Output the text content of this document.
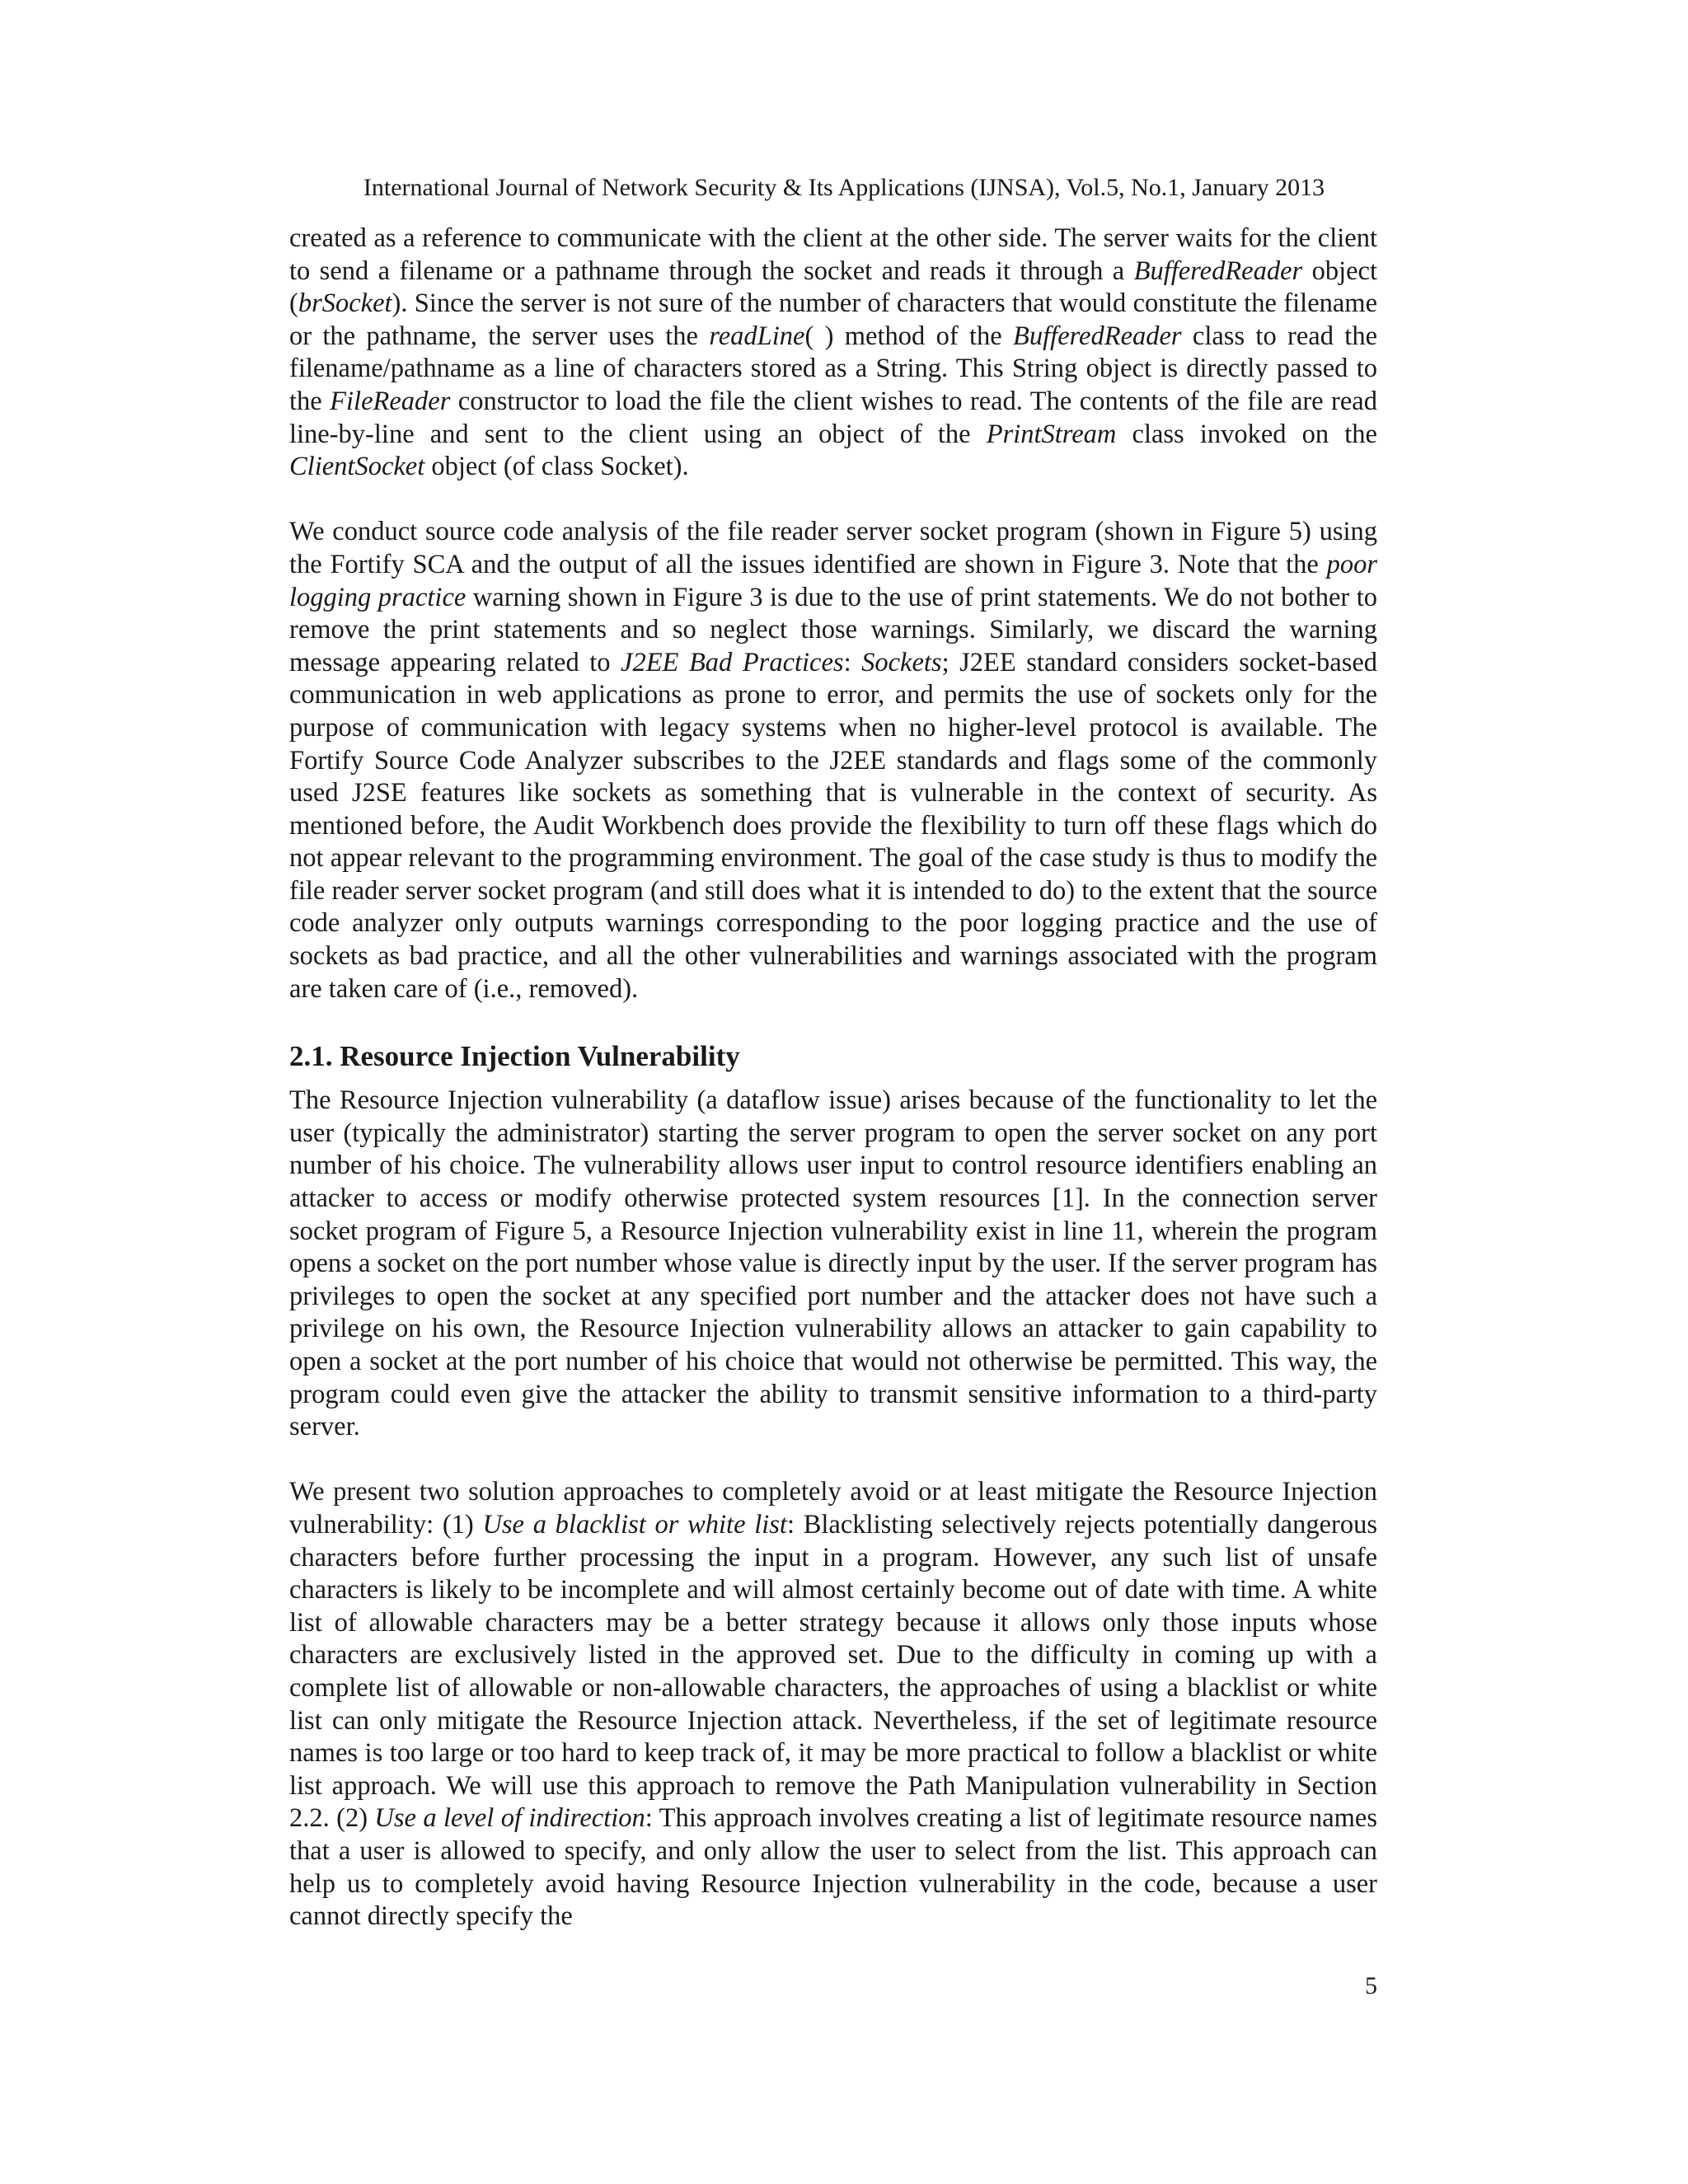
International Journal of Network Security & Its Applications (IJNSA), Vol.5, No.1, January 2013

created as a reference to communicate with the client at the other side. The server waits for the client to send a filename or a pathname through the socket and reads it through a BufferedReader object (brSocket). Since the server is not sure of the number of characters that would constitute the filename or the pathname, the server uses the readLine( ) method of the BufferedReader class to read the filename/pathname as a line of characters stored as a String. This String object is directly passed to the FileReader constructor to load the file the client wishes to read. The contents of the file are read line-by-line and sent to the client using an object of the PrintStream class invoked on the ClientSocket object (of class Socket).

We conduct source code analysis of the file reader server socket program (shown in Figure 5) using the Fortify SCA and the output of all the issues identified are shown in Figure 3. Note that the poor logging practice warning shown in Figure 3 is due to the use of print statements. We do not bother to remove the print statements and so neglect those warnings. Similarly, we discard the warning message appearing related to J2EE Bad Practices: Sockets; J2EE standard considers socket-based communication in web applications as prone to error, and permits the use of sockets only for the purpose of communication with legacy systems when no higher-level protocol is available. The Fortify Source Code Analyzer subscribes to the J2EE standards and flags some of the commonly used J2SE features like sockets as something that is vulnerable in the context of security. As mentioned before, the Audit Workbench does provide the flexibility to turn off these flags which do not appear relevant to the programming environment. The goal of the case study is thus to modify the file reader server socket program (and still does what it is intended to do) to the extent that the source code analyzer only outputs warnings corresponding to the poor logging practice and the use of sockets as bad practice, and all the other vulnerabilities and warnings associated with the program are taken care of (i.e., removed).

2.1. Resource Injection Vulnerability

The Resource Injection vulnerability (a dataflow issue) arises because of the functionality to let the user (typically the administrator) starting the server program to open the server socket on any port number of his choice. The vulnerability allows user input to control resource identifiers enabling an attacker to access or modify otherwise protected system resources [1]. In the connection server socket program of Figure 5, a Resource Injection vulnerability exist in line 11, wherein the program opens a socket on the port number whose value is directly input by the user. If the server program has privileges to open the socket at any specified port number and the attacker does not have such a privilege on his own, the Resource Injection vulnerability allows an attacker to gain capability to open a socket at the port number of his choice that would not otherwise be permitted. This way, the program could even give the attacker the ability to transmit sensitive information to a third-party server.

We present two solution approaches to completely avoid or at least mitigate the Resource Injection vulnerability: (1) Use a blacklist or white list: Blacklisting selectively rejects potentially dangerous characters before further processing the input in a program. However, any such list of unsafe characters is likely to be incomplete and will almost certainly become out of date with time. A white list of allowable characters may be a better strategy because it allows only those inputs whose characters are exclusively listed in the approved set. Due to the difficulty in coming up with a complete list of allowable or non-allowable characters, the approaches of using a blacklist or white list can only mitigate the Resource Injection attack. Nevertheless, if the set of legitimate resource names is too large or too hard to keep track of, it may be more practical to follow a blacklist or white list approach. We will use this approach to remove the Path Manipulation vulnerability in Section 2.2. (2) Use a level of indirection: This approach involves creating a list of legitimate resource names that a user is allowed to specify, and only allow the user to select from the list. This approach can help us to completely avoid having Resource Injection vulnerability in the code, because a user cannot directly specify the

5
